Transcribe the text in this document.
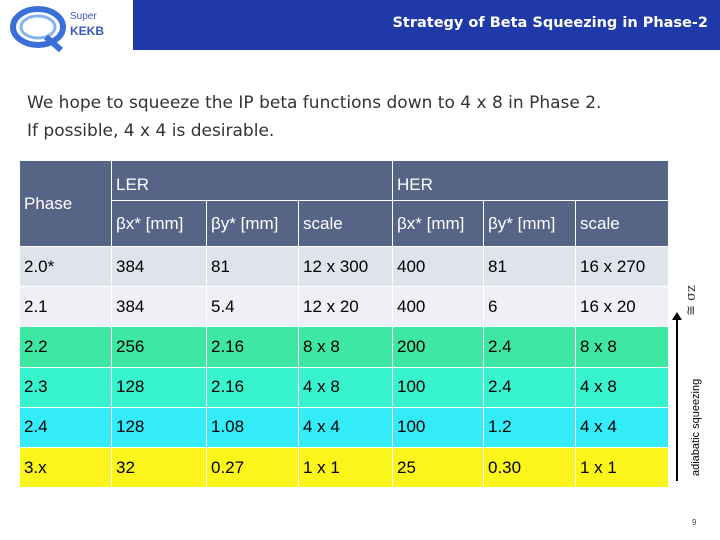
Strategy of Beta Squeezing in Phase-2
Super
KEKB
We hope to squeeze the IP beta functions down to 4 x 8 in Phase 2.
If possible, 4 x 4 is desirable.
Phase
LER	HER
βx* [mm]	βy* [mm]	scale	βx* [mm]	βy* [mm]	scale
2.0*	384	81	12 x 300	400	81	16 x 270
2.1	384	5.4	12 x 20	400	6	16 x 20
2.2	256	2.16	8 x 8	200	2.4	8 x 8
2.3	128	2.16	4 x 8	100	2.4	4 x 8
2.4	128	1.08	4 x 4	100	1.2	4 x 4
3.x	32	0.27	1 x 1	25	0.30	1 x 1
≅ σz
adiabatic squeezing
9
